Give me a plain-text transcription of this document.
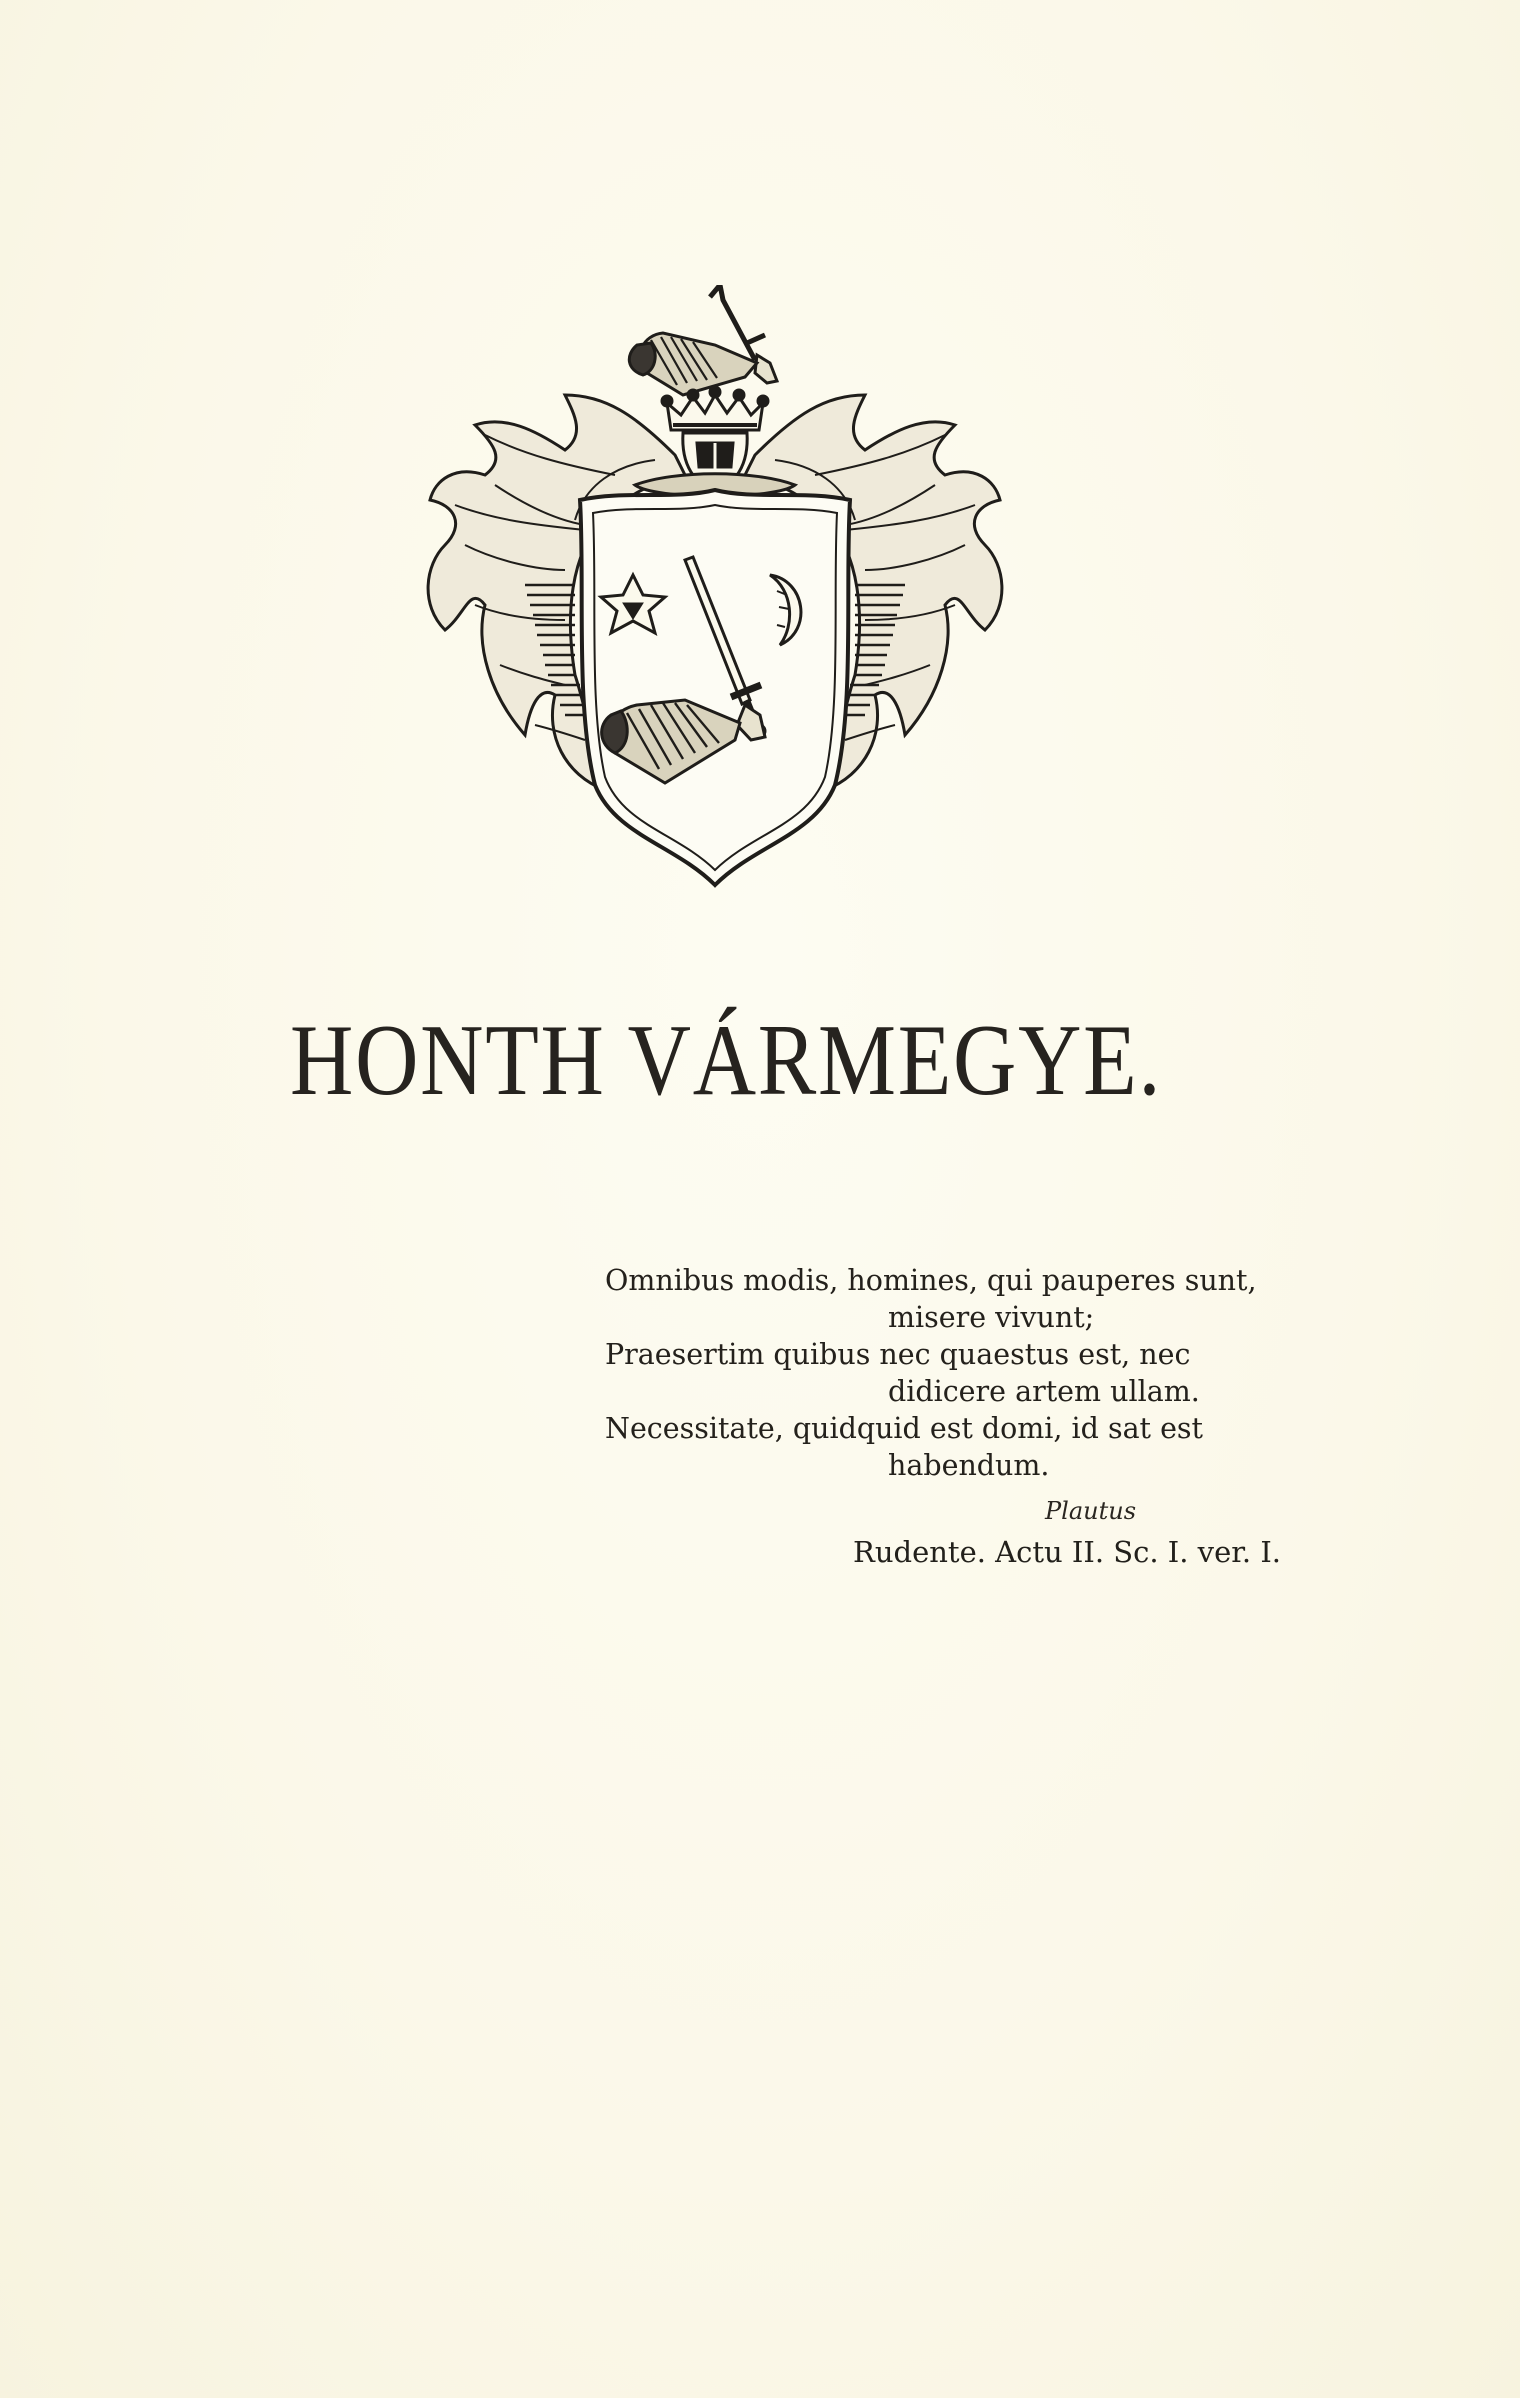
HONTH VÁRMEGYE.
Omnibus modis, homines, qui pauperes sunt,
misere vivunt;
Praesertim quibus nec quaestus est, nec
didicere artem ullam.
Necessitate, quidquid est domi, id sat est
habendum.
Plautus
Rudente. Actu II. Sc. I. ver. I.
